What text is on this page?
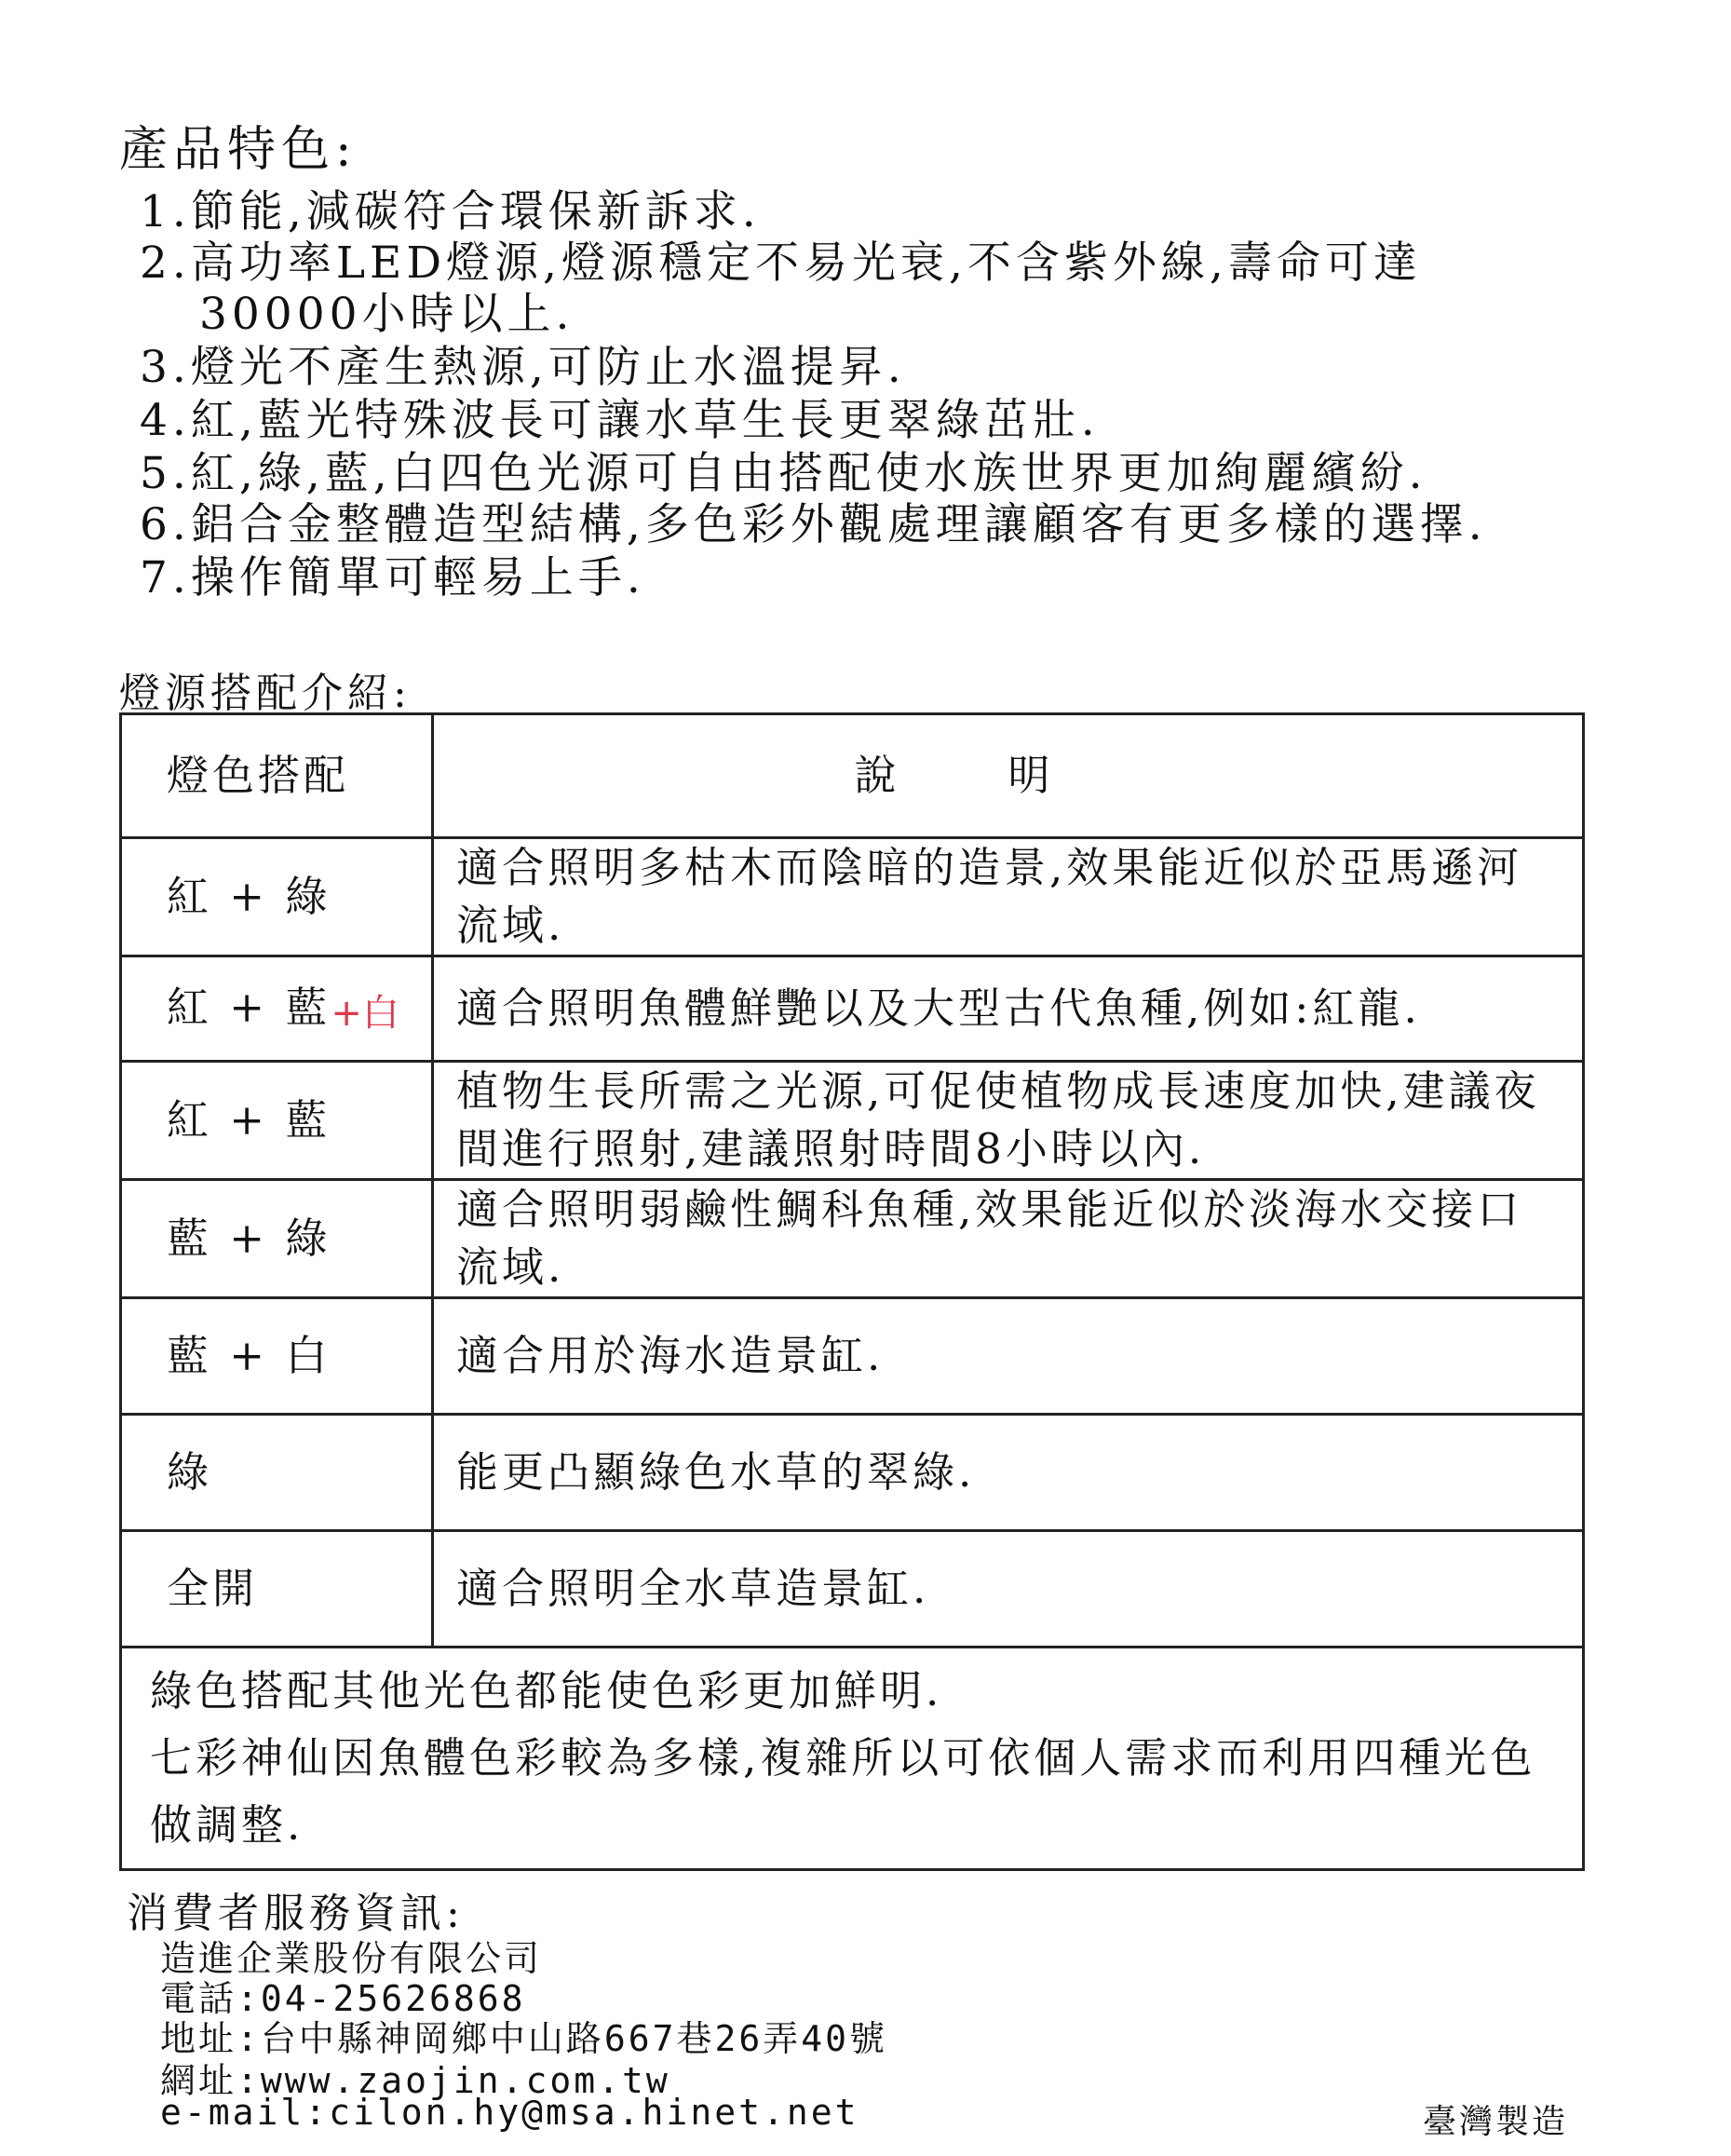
產品特色:
1.節能,減碳符合環保新訴求.
2.高功率LED燈源,燈源穩定不易光衰,不含紫外線,壽命可達
30000小時以上.
3.燈光不產生熱源,可防止水溫提昇.
4.紅,藍光特殊波長可讓水草生長更翠綠茁壯.
5.紅,綠,藍,白四色光源可自由搭配使水族世界更加絢麗繽紛.
6.鋁合金整體造型結構,多色彩外觀處理讓顧客有更多樣的選擇.
7.操作簡單可輕易上手.
燈源搭配介紹:
燈色搭配	說明
紅 + 綠	適合照明多枯木而陰暗的造景,效果能近似於亞馬遜河流域.
紅 + 藍+白	適合照明魚體鮮艷以及大型古代魚種,例如:紅龍.
紅 + 藍	植物生長所需之光源,可促使植物成長速度加快,建議夜間進行照射,建議照射時間8小時以內.
藍 + 綠	適合照明弱鹼性鯛科魚種,效果能近似於淡海水交接口流域.
藍 + 白	適合用於海水造景缸.
綠	能更凸顯綠色水草的翠綠.
全開	適合照明全水草造景缸.

綠色搭配其他光色都能使色彩更加鮮明.
七彩神仙因魚體色彩較為多樣,複雜所以可依個人需求而利用四種光色做調整.	
消費者服務資訊:
造進企業股份有限公司
電話:04-25626868
地址:台中縣神岡鄉中山路667巷26弄40號
網址:www.zaojin.com.tw
e-mail:cilon.hy@msa.hinet.net	臺灣製造
